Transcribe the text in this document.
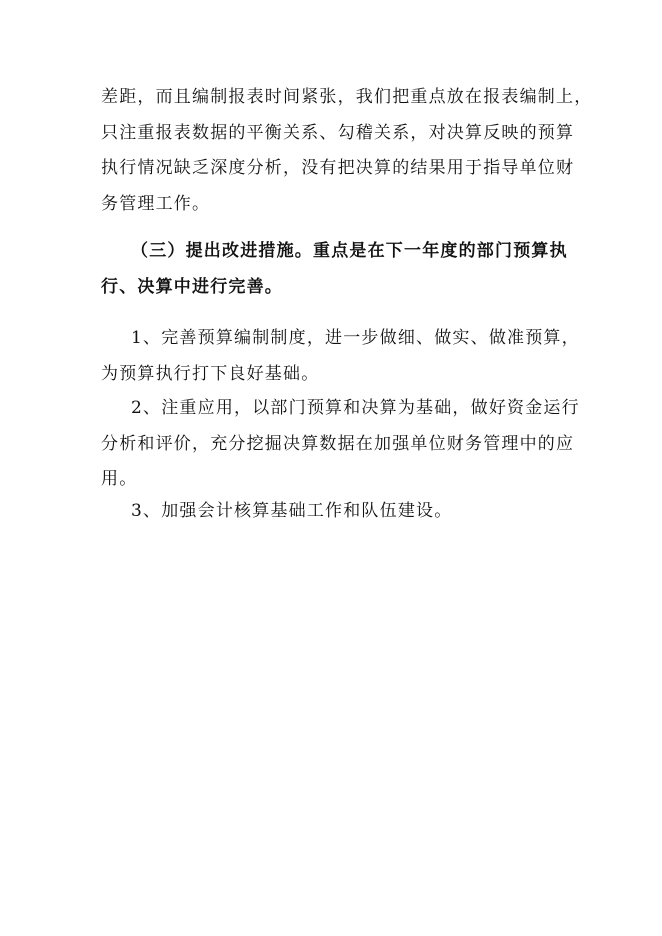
差距，而且编制报表时间紧张，我们把重点放在报表编制上，
只注重报表数据的平衡关系、勾稽关系，对决算反映的预算
执行情况缺乏深度分析，没有把决算的结果用于指导单位财
务管理工作。

（三）提出改进措施。重点是在下一年度的部门预算执
行、决算中进行完善。

1、完善预算编制制度，进一步做细、做实、做准预算，
为预算执行打下良好基础。

2、注重应用，以部门预算和决算为基础，做好资金运行
分析和评价，充分挖掘决算数据在加强单位财务管理中的应
用。

3、加强会计核算基础工作和队伍建设。
